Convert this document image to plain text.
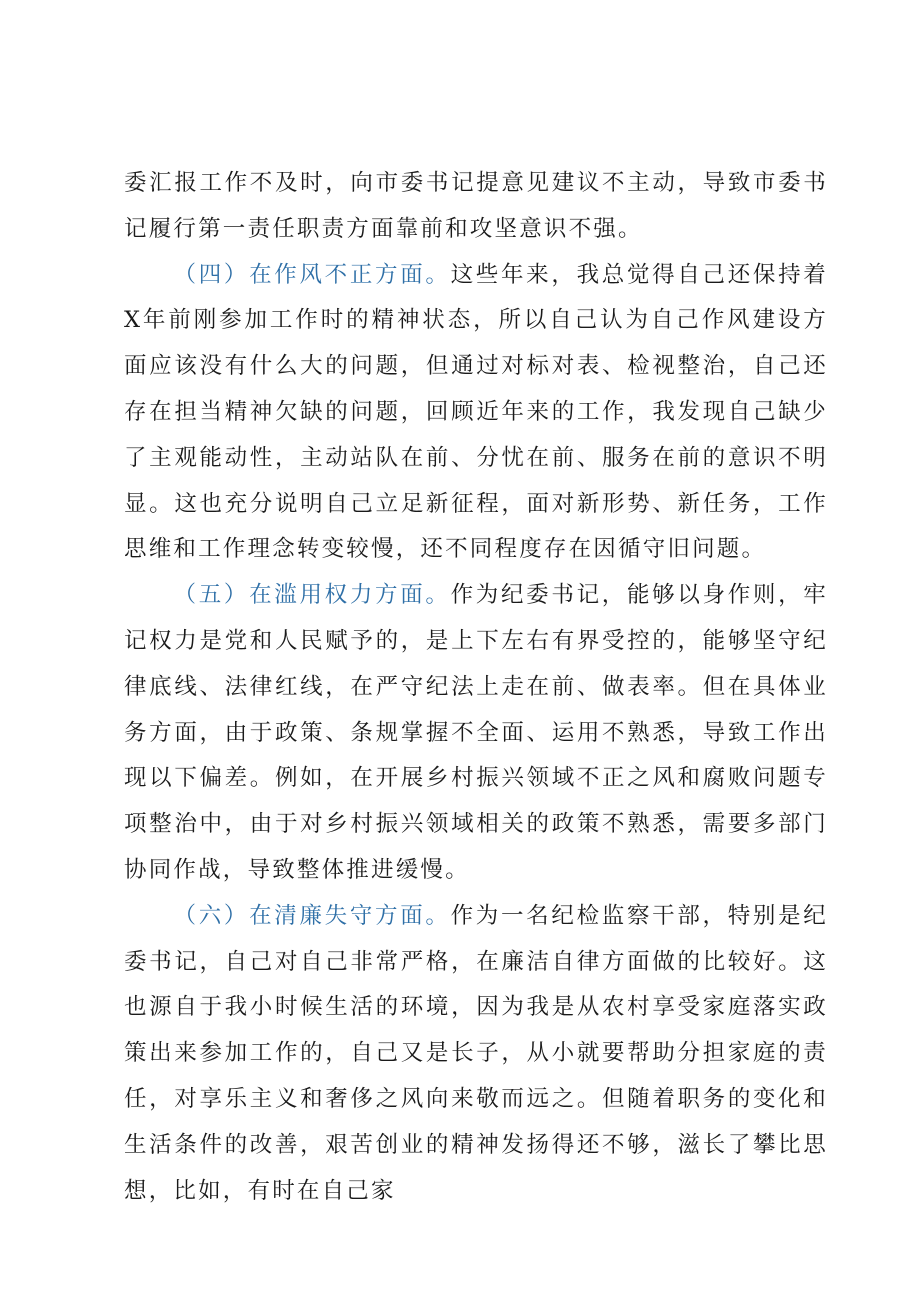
委汇报工作不及时，向市委书记提意见建议不主动，导致市委书记履行第一责任职责方面靠前和攻坚意识不强。

（四）在作风不正方面。这些年来，我总觉得自己还保持着X年前刚参加工作时的精神状态，所以自己认为自己作风建设方面应该没有什么大的问题，但通过对标对表、检视整治，自己还存在担当精神欠缺的问题，回顾近年来的工作，我发现自己缺少了主观能动性，主动站队在前、分忧在前、服务在前的意识不明显。这也充分说明自己立足新征程，面对新形势、新任务，工作思维和工作理念转变较慢，还不同程度存在因循守旧问题。

（五）在滥用权力方面。作为纪委书记，能够以身作则，牢记权力是党和人民赋予的，是上下左右有界受控的，能够坚守纪律底线、法律红线，在严守纪法上走在前、做表率。但在具体业务方面，由于政策、条规掌握不全面、运用不熟悉，导致工作出现以下偏差。例如，在开展乡村振兴领域不正之风和腐败问题专项整治中，由于对乡村振兴领域相关的政策不熟悉，需要多部门协同作战，导致整体推进缓慢。

（六）在清廉失守方面。作为一名纪检监察干部，特别是纪委书记，自己对自己非常严格，在廉洁自律方面做的比较好。这也源自于我小时候生活的环境，因为我是从农村享受家庭落实政策出来参加工作的，自己又是长子，从小就要帮助分担家庭的责任，对享乐主义和奢侈之风向来敬而远之。但随着职务的变化和生活条件的改善，艰苦创业的精神发扬得还不够，滋长了攀比思想，比如，有时在自己家
